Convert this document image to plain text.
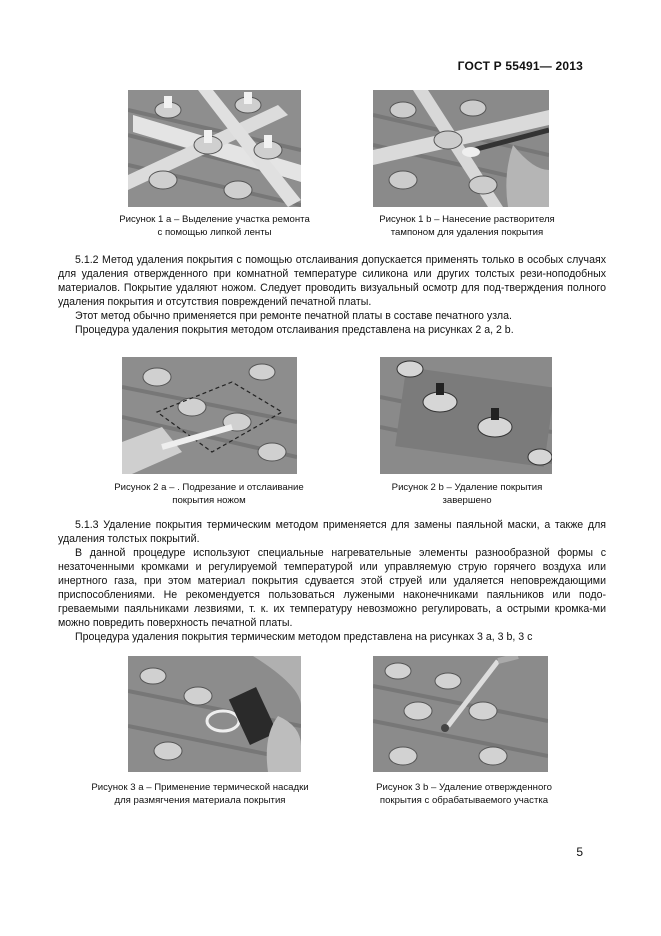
ГОСТ Р 55491— 2013
Рисунок 1 а – Выделение участка ремонта
с помощью липкой ленты
Рисунок 1 b – Нанесение растворителя
тампоном для удаления покрытия

5.1.2 Метод удаления покрытия с помощью отслаивания допускается применять только в особых случаях для удаления отвержденного при комнатной температуре силикона или других толстых рези-ноподобных материалов. Покрытие удаляют ножом. Следует проводить визуальный осмотр для под-тверждения полного удаления покрытия и отсутствия повреждений печатной платы.

Этот метод обычно применяется при ремонте печатной платы в составе печатного узла.

Процедура удаления покрытия методом отслаивания представлена на рисунках 2 а, 2 b.

Рисунок 2 а – . Подрезание и отслаивание
покрытия ножом
Рисунок 2 b – Удаление покрытия
завершено

5.1.3 Удаление покрытия термическим методом применяется для замены паяльной маски, а также для удаления толстых покрытий.

В данной процедуре используют специальные нагревательные элементы разнообразной формы с незаточенными кромками и регулируемой температурой или управляемую струю горячего воздуха или инертного газа, при этом материал покрытия сдувается этой струей или удаляется неповреждающими приспособлениями. Не рекомендуется пользоваться лужеными наконечниками паяльников или подо-греваемыми паяльниками лезвиями, т. к. их температуру невозможно регулировать, а острыми кромка-ми можно повредить поверхность печатной платы.

Процедура удаления покрытия термическим методом представлена на рисунках 3 а, 3 b, 3 с

Рисунок 3 а – Применение термической насадки
для размягчения материала покрытия
Рисунок 3 b – Удаление отвержденного
покрытия с обрабатываемого участка
5
